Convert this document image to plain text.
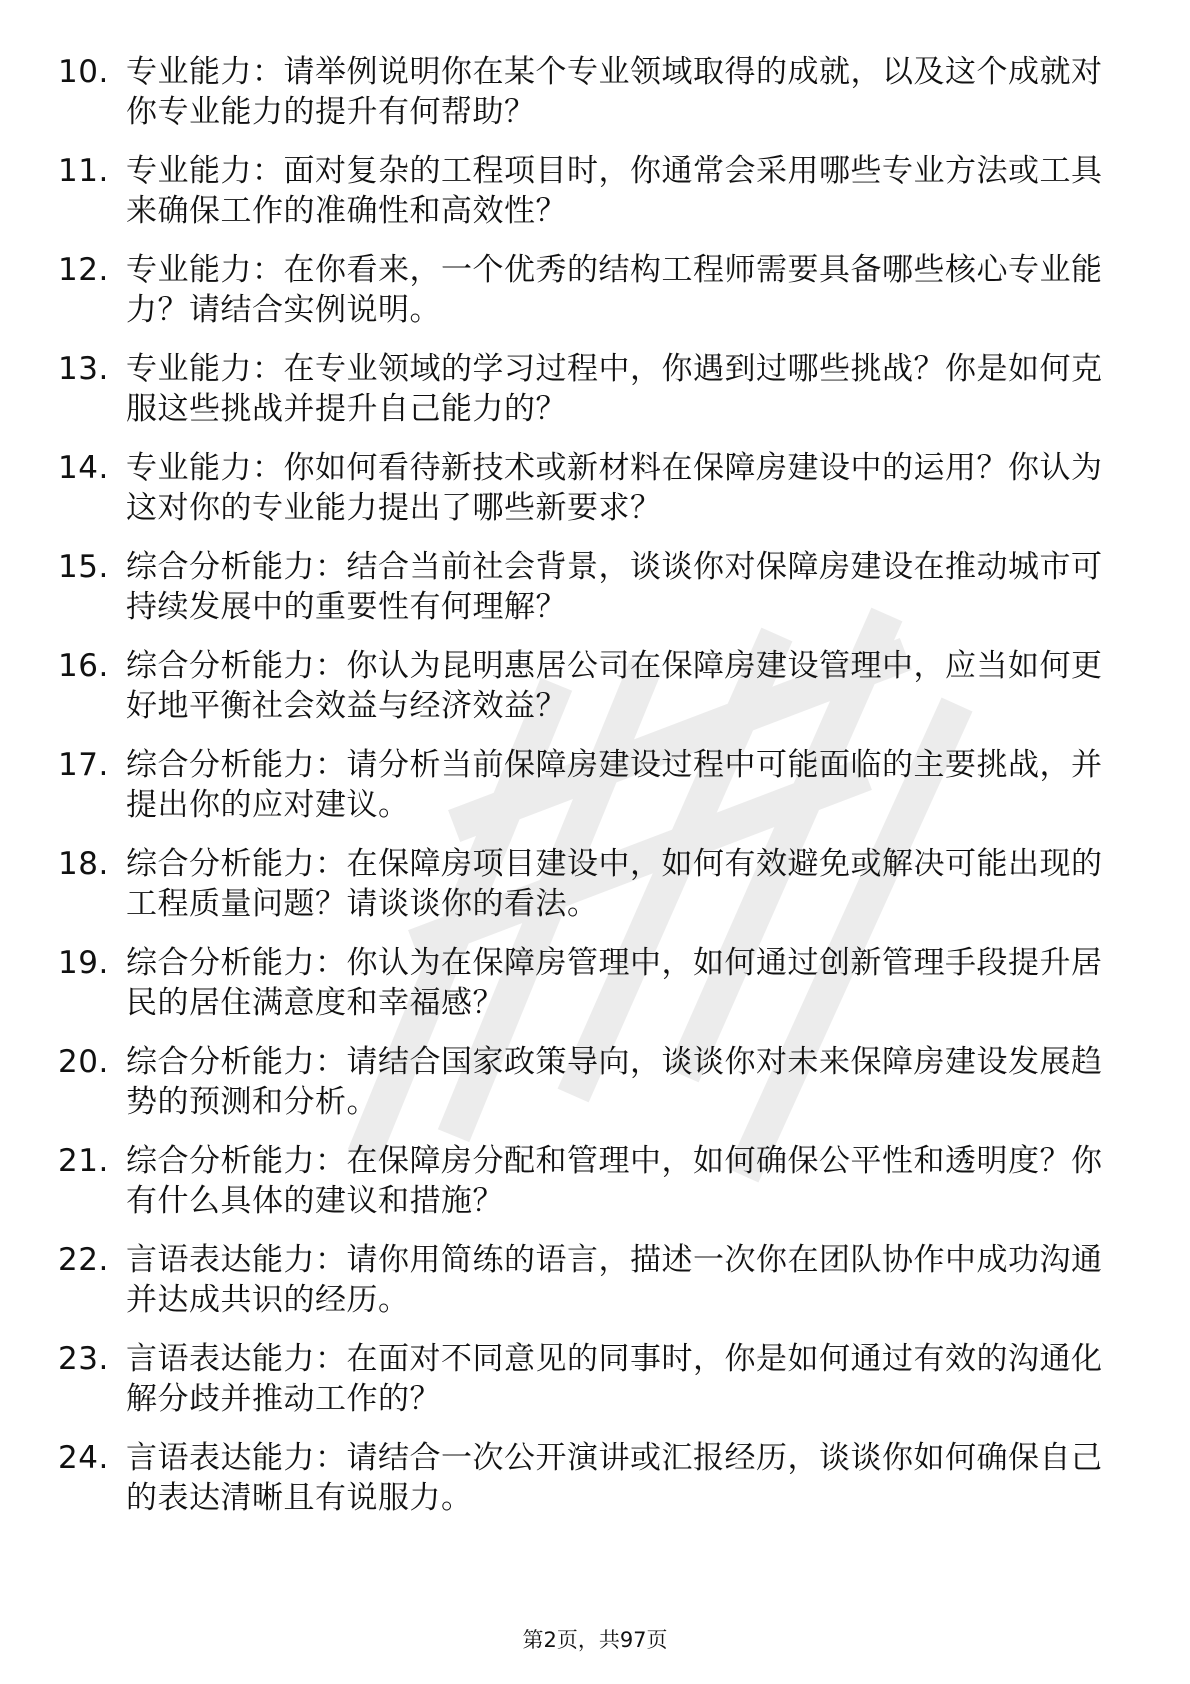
10. 专业能力：请举例说明你在某个专业领域取得的成就，以及这个成就对你专业能力的提升有何帮助？
11. 专业能力：面对复杂的工程项目时，你通常会采用哪些专业方法或工具来确保工作的准确性和高效性？
12. 专业能力：在你看来，一个优秀的结构工程师需要具备哪些核心专业能力？请结合实例说明。
13. 专业能力：在专业领域的学习过程中，你遇到过哪些挑战？你是如何克服这些挑战并提升自己能力的？
14. 专业能力：你如何看待新技术或新材料在保障房建设中的运用？你认为这对你的专业能力提出了哪些新要求？
15. 综合分析能力：结合当前社会背景，谈谈你对保障房建设在推动城市可持续发展中的重要性有何理解？
16. 综合分析能力：你认为昆明惠居公司在保障房建设管理中，应当如何更好地平衡社会效益与经济效益？
17. 综合分析能力：请分析当前保障房建设过程中可能面临的主要挑战，并提出你的应对建议。
18. 综合分析能力：在保障房项目建设中，如何有效避免或解决可能出现的工程质量问题？请谈谈你的看法。
19. 综合分析能力：你认为在保障房管理中，如何通过创新管理手段提升居民的居住满意度和幸福感？
20. 综合分析能力：请结合国家政策导向，谈谈你对未来保障房建设发展趋势的预测和分析。
21. 综合分析能力：在保障房分配和管理中，如何确保公平性和透明度？你有什么具体的建议和措施？
22. 言语表达能力：请你用简练的语言，描述一次你在团队协作中成功沟通并达成共识的经历。
23. 言语表达能力：在面对不同意见的同事时，你是如何通过有效的沟通化解分歧并推动工作的？
24. 言语表达能力：请结合一次公开演讲或汇报经历，谈谈你如何确保自己的表达清晰且有说服力。
第2页，共97页
